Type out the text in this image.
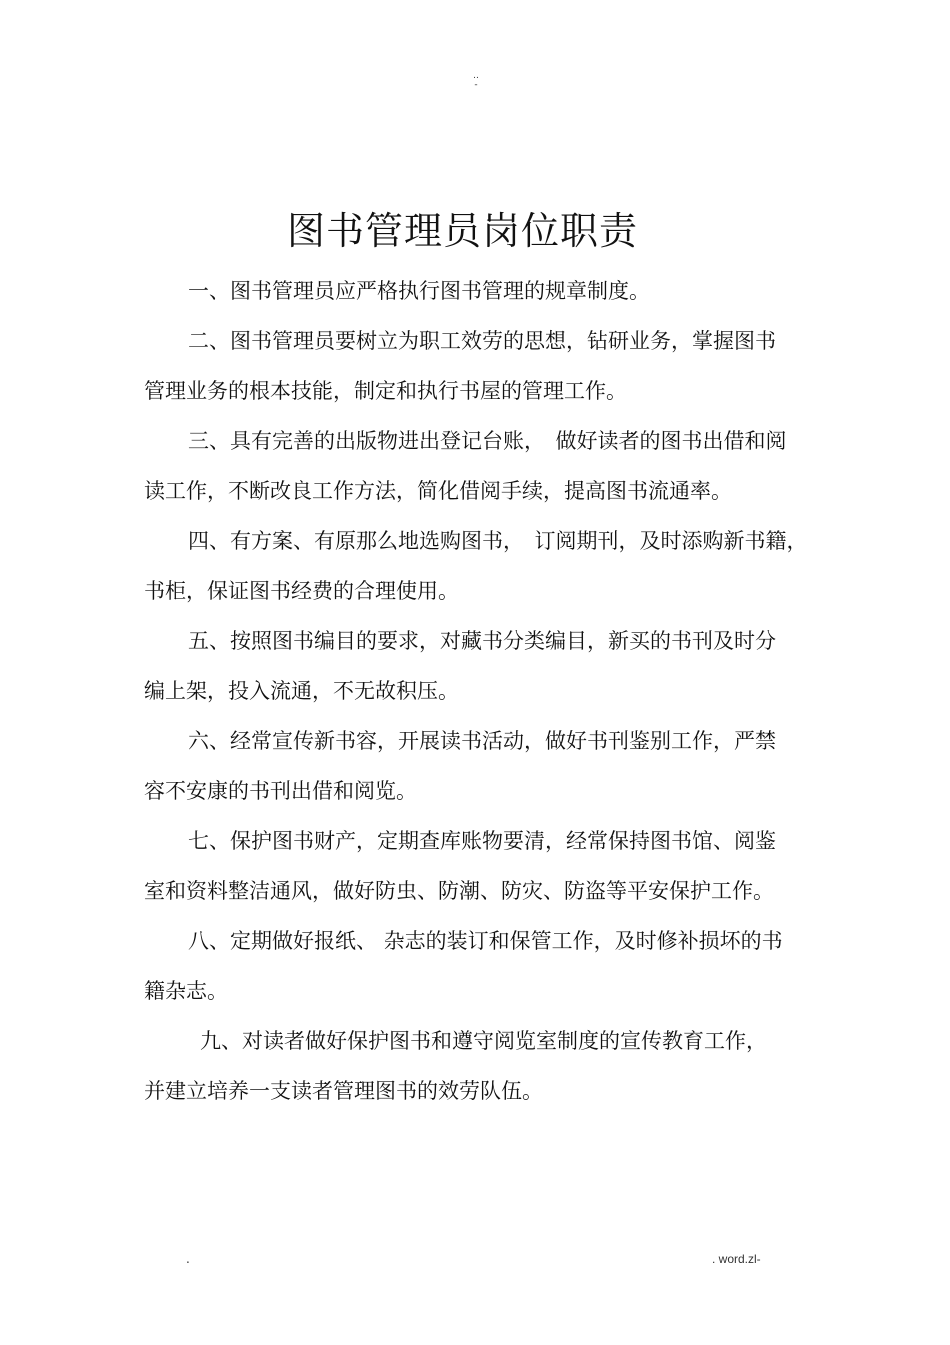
..
-
图书管理员岗位职责
一、图书管理员应严格执行图书管理的规章制度。
二、图书管理员要树立为职工效劳的思想，钻研业务，掌握图书
管理业务的根本技能，制定和执行书屋的管理工作。
三、具有完善的出版物进出登记台账，　做好读者的图书出借和阅
读工作，不断改良工作方法，简化借阅手续，提高图书流通率。
四、有方案、有原那么地选购图书，　订阅期刊，及时添购新书籍，
书柜，保证图书经费的合理使用。
五、按照图书编目的要求，对藏书分类编目，新买的书刊及时分
编上架，投入流通，不无故积压。
六、经常宣传新书容，开展读书活动，做好书刊鉴别工作，严禁
容不安康的书刊出借和阅览。
七、保护图书财产，定期查库账物要清，经常保持图书馆、阅鉴
室和资料整洁通风，做好防虫、防潮、防灾、防盗等平安保护工作。
八、定期做好报纸、 杂志的装订和保管工作，及时修补损坏的书
籍杂志。
九、对读者做好保护图书和遵守阅览室制度的宣传教育工作，
并建立培养一支读者管理图书的效劳队伍。
.	. word.zl-
